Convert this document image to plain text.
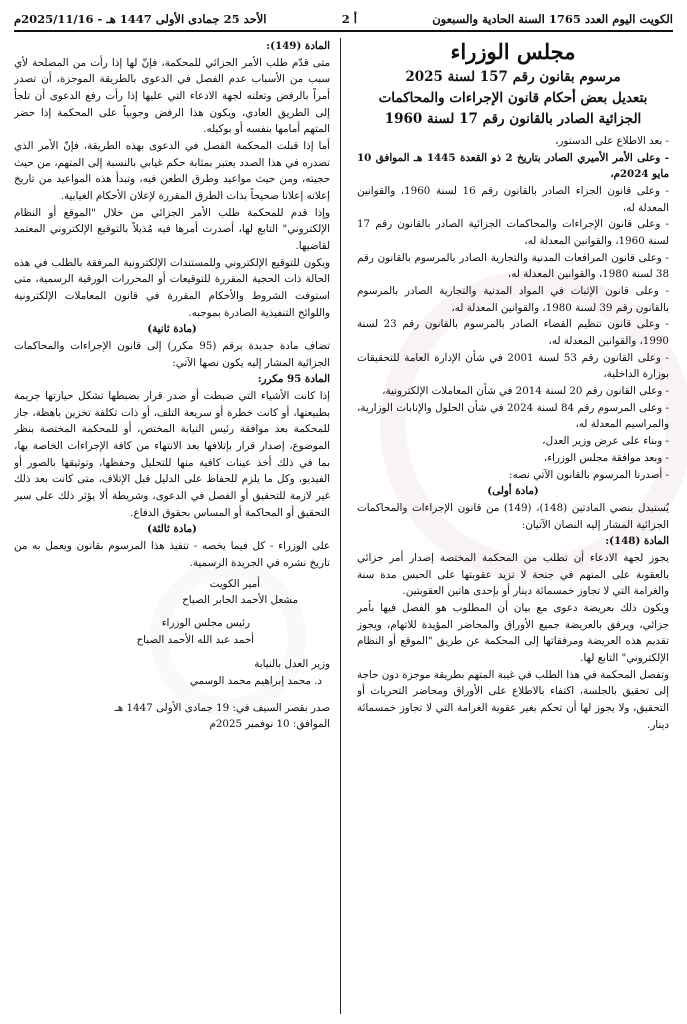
الأحد 25 جمادى الأولى 1447 هـ - 2025/11/16م	أ 2	الكويت اليوم العدد 1765 السنة الحادية والسبعون
مجلس الوزراء
مرسوم بقانون رقم 157 لسنة 2025
بتعديل بعض أحكام قانون الإجراءات والمحاكمات
الجزائية الصادر بالقانون رقم 17 لسنة 1960

- بعد الاطلاع على الدستور،

- وعلى الأمر الأميري الصادر بتاريخ 2 ذو القعدة 1445 هـ الموافق 10 مايو 2024م،

- وعلى قانون الجزاء الصادر بالقانون رقم 16 لسنة 1960، والقوانين المعدلة له،

- وعلى قانون الإجراءات والمحاكمات الجزائية الصادر بالقانون رقم 17 لسنة 1960، والقوانين المعدلة له،

- وعلى قانون المرافعات المدنية والتجارية الصادر بالمرسوم بالقانون رقم 38 لسنة 1980، والقوانين المعدلة له،

- وعلى قانون الإثبات في المواد المدنية والتجارية الصادر بالمرسوم بالقانون رقم 39 لسنة 1980، والقوانين المعدلة له،

- وعلى قانون تنظيم القضاء الصادر بالمرسوم بالقانون رقم 23 لسنة 1990، والقوانين المعدلة له،

- وعلى القانون رقم 53 لسنة 2001 في شأن الإدارة العامة للتحقيقات بوزارة الداخلية،

- وعلى القانون رقم 20 لسنة 2014 في شأن المعاملات الإلكترونية،

- وعلى المرسوم رقم 84 لسنة 2024 في شأن الحلول والإنابات الوزارية، والمراسيم المعدلة له،

- وبناء على عرض وزير العدل،

- وبعد موافقة مجلس الوزراء،

- أصدرنا المرسوم بالقانون الآتي نصه:

(مادة أولى)

يُستبدل بنصي المادتين (148)، (149) من قانون الإجراءات والمحاكمات الجزائية المشار إليه النصان الآتيان:

المادة (148):

يجوز لجهة الادعاء أن تطلب من المحكمة المختصة إصدار أمر جزائي بالعقوبة على المتهم في جنحة لا تزيد عقوبتها على الحبس مدة سنة والغرامة التي لا تجاوز خمسمائة دينار أو بإحدى هاتين العقوبتين.

ويكون ذلك بعريضة دعوى مع بيان أن المطلوب هو الفصل فيها بأمر جزائي، ويرفق بالعريضة جميع الأوراق والمحاضر المؤيدة للاتهام، ويجوز تقديم هذه العريضة ومرفقاتها إلى المحكمة عن طريق "الموقع أو النظام الإلكتروني" التابع لها.

وتفصل المحكمة في هذا الطلب في غيبة المتهم بطريقة موجزة دون حاجة إلى تحقيق بالجلسة، اكتفاء بالاطلاع على الأوراق ومحاضر التحريات أو التحقيق، ولا يجوز لها أن تحكم بغير عقوبة الغرامة التي لا تجاوز خمسمائة دينار.

المادة (149):

متى قدّم طلب الأمر الجزائي للمحكمة، فإنّ لها إذا رأت من المصلحة لأي سبب من الأسباب عدم الفصل في الدعوى بالطريقة الموجزة، أن تصدر أمراً بالرفض وتعلنه لجهة الادعاء التي عليها إذا رأت رفع الدعوى أن تلجأ إلى الطريق العادي، ويكون هذا الرفض وجوبياً على المحكمة إذا حضر المتهم أمامها بنفسه أو بوكيله.

أما إذا قبلت المحكمة الفصل في الدعوى بهذه الطريقة، فإنّ الأمر الذي تصدره في هذا الصدد يعتبر بمثابة حكم غيابي بالنسبة إلى المتهم، من حيث حجيته، ومن حيث مواعيد وطرق الطعن فيه، وتبدأ هذه المواعيد من تاريخ إعلانه إعلانا صحيحاً بذات الطرق المقررة لإعلان الأحكام الغيابية.

وإذا قدم للمحكمة طلب الأمر الجزائي من خلال "الموقع أو النظام الإلكتروني" التابع لها، أصدرت أمرها فيه مُذيلاً بالتوقيع الإلكتروني المعتمد لقاضيها.

ويكون للتوقيع الإلكتروني وللمستندات الإلكترونية المرفقة بالطلب في هذه الحالة ذات الحجية المقررة للتوقيعات أو المحررات الورقية الرسمية، متى استوفت الشروط والأحكام المقررة في قانون المعاملات الإلكترونية واللوائح التنفيذية الصادرة بموجبه.

(مادة ثانية)

تضاف مادة جديدة برقم (95 مكرر) إلى قانون الإجراءات والمحاكمات الجزائية المشار إليه يكون نصها الآتي:

المادة 95 مكرر:

إذا كانت الأشياء التي ضبطت أو صدر قرار بضبطها تشكل حيازتها جريمة بطبيعتها، أو كانت خطرة أو سريعة التلف، أو ذات تكلفة تخزين باهظة، جاز للمحكمة بعد موافقة رئيس النيابة المختص، أو للمحكمة المختصة بنظر الموضوع، إصدار قرار بإتلافها بعد الانتهاء من كافة الإجراءات الخاصة بها، بما في ذلك أخذ عينات كافية منها للتحليل وحفظها، وتوثيقها بالصور أو الفيديو، وكل ما يلزم للحفاظ على الدليل قبل الإتلاف، متى كانت بعد ذلك غير لازمة للتحقيق أو الفصل في الدعوى، وشريطة ألا يؤثر ذلك على سير التحقيق أو المحاكمة أو المساس بحقوق الدفاع.

(مادة ثالثة)

على الوزراء - كل فيما يخصه - تنفيذ هذا المرسوم بقانون ويعمل به من تاريخ نشره في الجريدة الرسمية.

أمير الكويت

مشعل الأحمد الجابر الصباح

رئيس مجلس الوزراء

أحمد عبد الله الأحمد الصباح

وزير العدل بالنيابة

د. محمد إبراهيم محمد الوسمي

صدر بقصر السيف في: 19 جمادى الأولى 1447 هـ

الموافق: 10 نوفمبر 2025م
